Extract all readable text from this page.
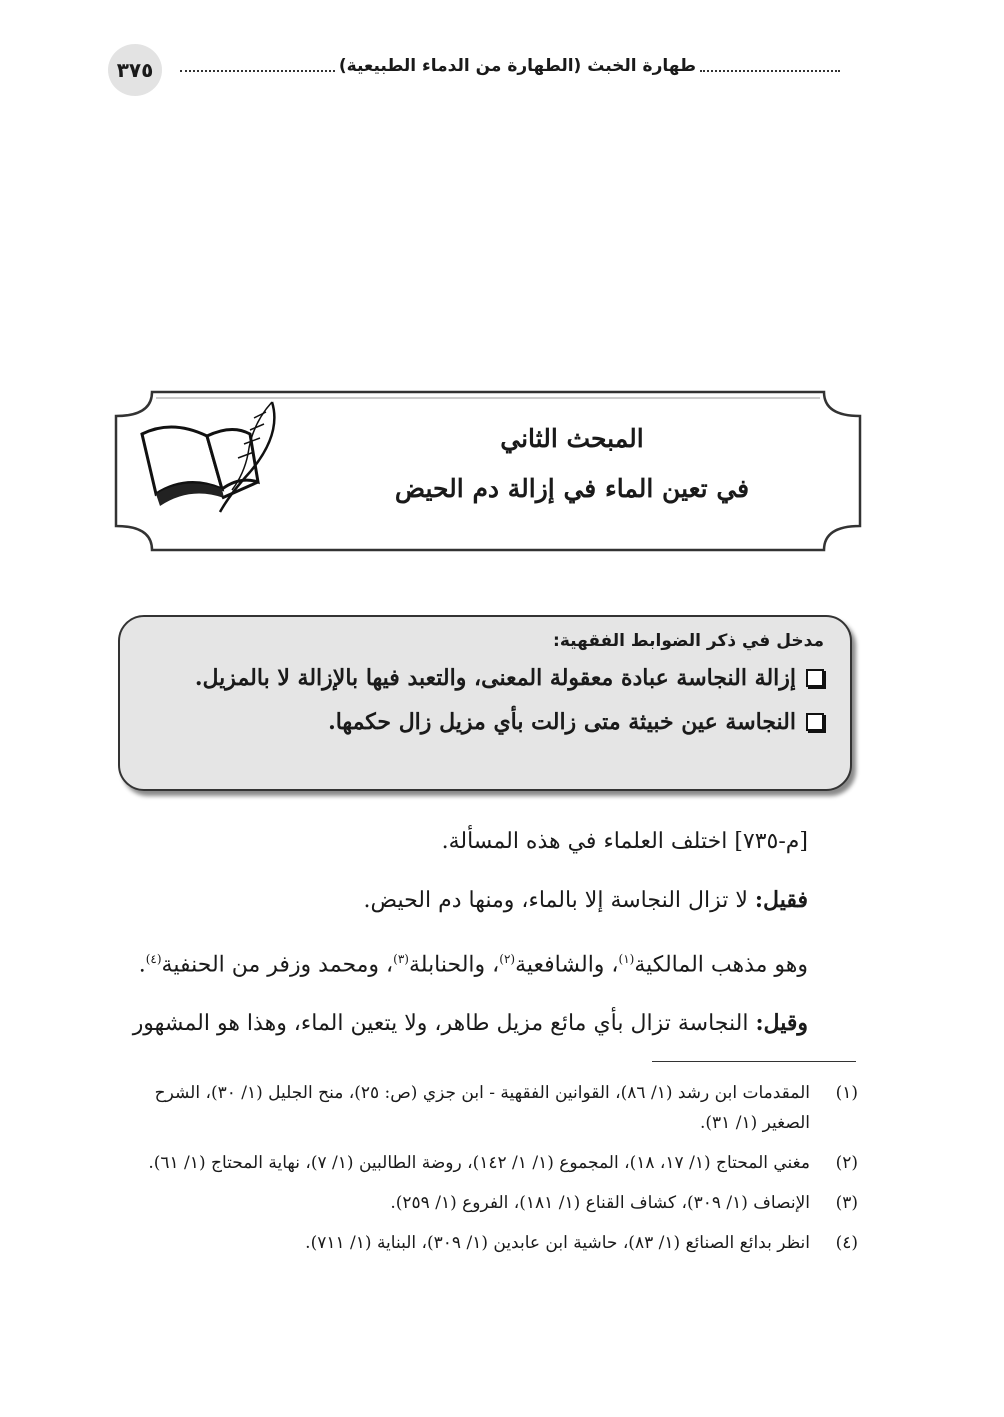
طهارة الخبث (الطهارة من الدماء الطبيعية)
٣٧٥
المبحث الثاني
في تعين الماء في إزالة دم الحيض
مدخل في ذكر الضوابط الفقهية:
إزالة النجاسة عبادة معقولة المعنى، والتعبد فيها بالإزالة لا بالمزيل.
النجاسة عين خبيثة متى زالت بأي مزيل زال حكمها.

[م-٧٣٥] اختلف العلماء في هذه المسألة.

فقيل: لا تزال النجاسة إلا بالماء، ومنها دم الحيض.

وهو مذهب المالكية$^{(١)}$، والشافعية$^{(٢)}$، والحنابلة$^{(٣)}$، ومحمد وزفر من الحنفية$^{(٤)}$.

وقيل: النجاسة تزال بأي مائع مزيل طاهر، ولا يتعين الماء، وهذا هو المشهور

(١)
المقدمات ابن رشد (١/ ٨٦)، القوانين الفقهية - ابن جزي (ص: ٢٥)، منح الجليل (١/ ٣٠)، الشرح الصغير (١/ ٣١).
(٢)
مغني المحتاج (١/ ١٧، ١٨)، المجموع (١/ ١/ ١٤٢)، روضة الطالبين (١/ ٧)، نهاية المحتاج (١/ ٦١).
(٣)
الإنصاف (١/ ٣٠٩)، كشاف القناع (١/ ١٨١)، الفروع (١/ ٢٥٩).
(٤)
انظر بدائع الصنائع (١/ ٨٣)، حاشية ابن عابدين (١/ ٣٠٩)، البناية (١/ ٧١١).
